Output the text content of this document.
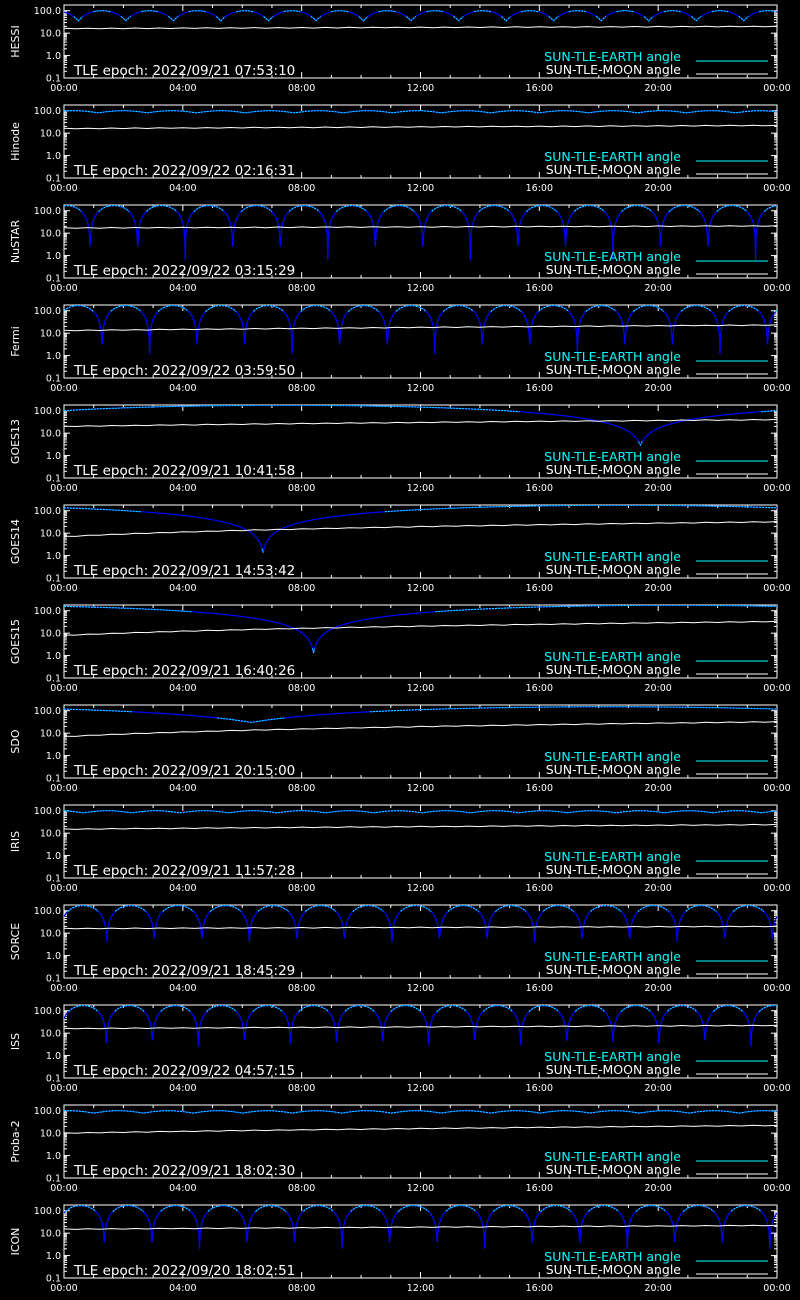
0.1
1.0
10.0
100.0
00:00	04:00	08:00	12:00	16:00	20:00	00:00
HESSI
TLE epoch: 2022/09/21 07:53:10
SUN-TLE-EARTH angle
SUN-TLE-MOON angle
0.1
1.0
10.0
100.0
00:00	04:00	08:00	12:00	16:00	20:00	00:00
Hinode
TLE epoch: 2022/09/22 02:16:31
SUN-TLE-EARTH angle
SUN-TLE-MOON angle
0.1
1.0
10.0
100.0
00:00	04:00	08:00	12:00	16:00	20:00	00:00
NuSTAR
TLE epoch: 2022/09/22 03:15:29
SUN-TLE-EARTH angle
SUN-TLE-MOON angle
0.1
1.0
10.0
100.0
00:00	04:00	08:00	12:00	16:00	20:00	00:00
Fermi
TLE epoch: 2022/09/22 03:59:50
SUN-TLE-EARTH angle
SUN-TLE-MOON angle
0.1
1.0
10.0
100.0
00:00	04:00	08:00	12:00	16:00	20:00	00:00
GOES13
TLE epoch: 2022/09/21 10:41:58
SUN-TLE-EARTH angle
SUN-TLE-MOON angle
0.1
1.0
10.0
100.0
00:00	04:00	08:00	12:00	16:00	20:00	00:00
GOES14
TLE epoch: 2022/09/21 14:53:42
SUN-TLE-EARTH angle
SUN-TLE-MOON angle
0.1
1.0
10.0
100.0
00:00	04:00	08:00	12:00	16:00	20:00	00:00
GOES15
TLE epoch: 2022/09/21 16:40:26
SUN-TLE-EARTH angle
SUN-TLE-MOON angle
0.1
1.0
10.0
100.0
00:00	04:00	08:00	12:00	16:00	20:00	00:00
SDO
TLE epoch: 2022/09/21 20:15:00
SUN-TLE-EARTH angle
SUN-TLE-MOON angle
0.1
1.0
10.0
100.0
00:00	04:00	08:00	12:00	16:00	20:00	00:00
IRIS
TLE epoch: 2022/09/21 11:57:28
SUN-TLE-EARTH angle
SUN-TLE-MOON angle
0.1
1.0
10.0
100.0
00:00	04:00	08:00	12:00	16:00	20:00	00:00
SORCE
TLE epoch: 2022/09/21 18:45:29
SUN-TLE-EARTH angle
SUN-TLE-MOON angle
0.1
1.0
10.0
100.0
00:00	04:00	08:00	12:00	16:00	20:00	00:00
ISS
TLE epoch: 2022/09/22 04:57:15
SUN-TLE-EARTH angle
SUN-TLE-MOON angle
0.1
1.0
10.0
100.0
00:00	04:00	08:00	12:00	16:00	20:00	00:00
Proba-2
TLE epoch: 2022/09/21 18:02:30
SUN-TLE-EARTH angle
SUN-TLE-MOON angle
0.1
1.0
10.0
100.0
00:00	04:00	08:00	12:00	16:00	20:00	00:00
ICON
TLE epoch: 2022/09/20 18:02:51
SUN-TLE-EARTH angle
SUN-TLE-MOON angle
